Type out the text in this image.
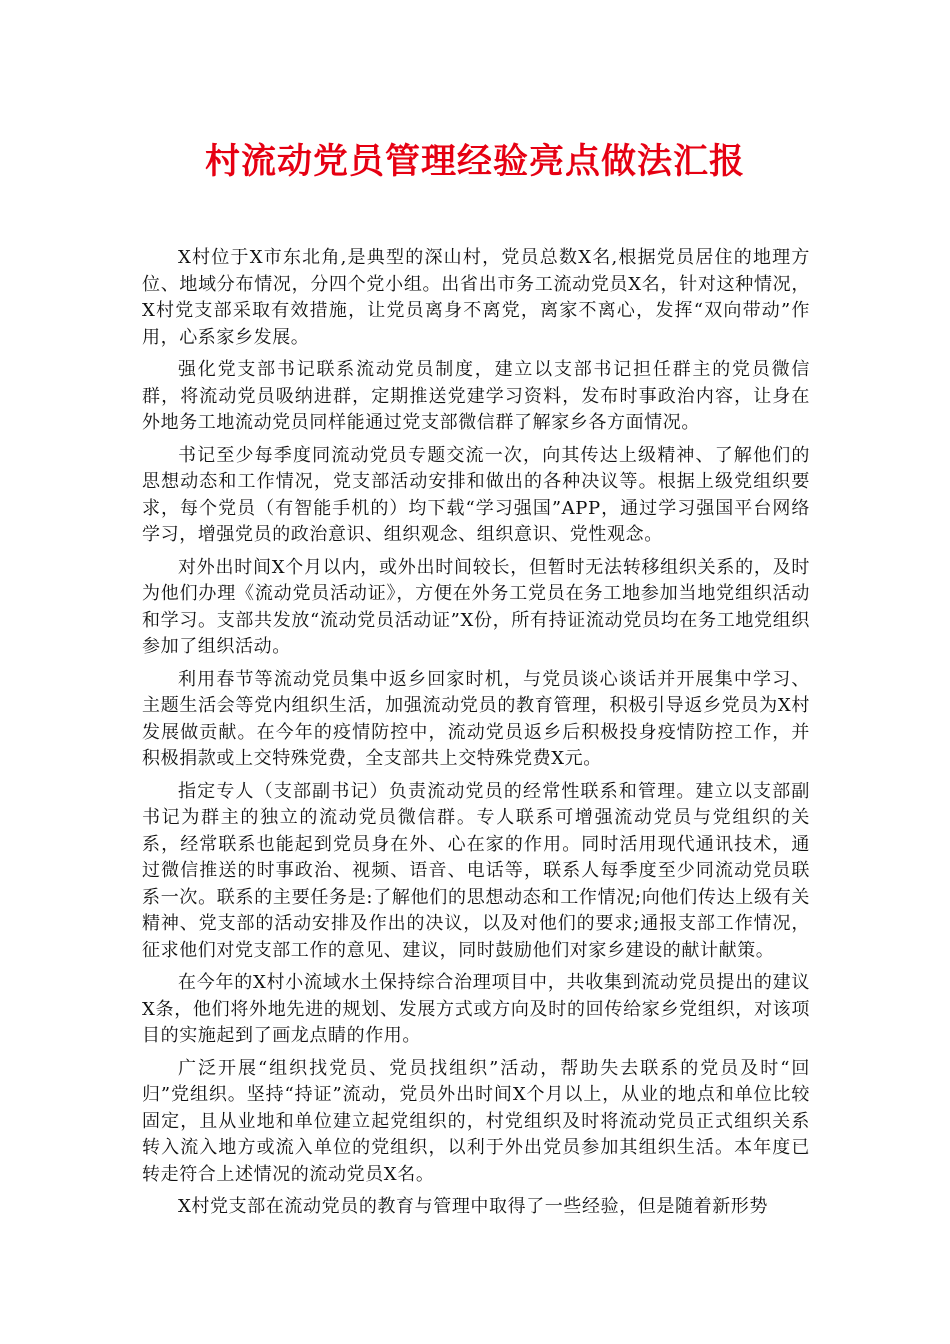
村流动党员管理经验亮点做法汇报

X村位于X市东北角,是典型的深山村，党员总数X名,根据党员居住的地理方位、地域分布情况，分四个党小组。出省出市务工流动党员X名，针对这种情况，X村党支部采取有效措施，让党员离身不离党，离家不离心，发挥“双向带动”作用，心系家乡发展。

强化党支部书记联系流动党员制度，建立以支部书记担任群主的党员微信群，将流动党员吸纳进群，定期推送党建学习资料，发布时事政治内容，让身在外地务工地流动党员同样能通过党支部微信群了解家乡各方面情况。

书记至少每季度同流动党员专题交流一次，向其传达上级精神、了解他们的思想动态和工作情况，党支部活动安排和做出的各种决议等。根据上级党组织要求，每个党员（有智能手机的）均下载“学习强国”APP，通过学习强国平台网络学习，增强党员的政治意识、组织观念、组织意识、党性观念。

对外出时间X个月以内，或外出时间较长，但暂时无法转移组织关系的，及时为他们办理《流动党员活动证》，方便在外务工党员在务工地参加当地党组织活动和学习。支部共发放“流动党员活动证”X份，所有持证流动党员均在务工地党组织参加了组织活动。

利用春节等流动党员集中返乡回家时机，与党员谈心谈话并开展集中学习、主题生活会等党内组织生活，加强流动党员的教育管理，积极引导返乡党员为X村发展做贡献。在今年的疫情防控中，流动党员返乡后积极投身疫情防控工作，并积极捐款或上交特殊党费，全支部共上交特殊党费X元。

指定专人（支部副书记）负责流动党员的经常性联系和管理。建立以支部副书记为群主的独立的流动党员微信群。专人联系可增强流动党员与党组织的关系，经常联系也能起到党员身在外、心在家的作用。同时活用现代通讯技术，通过微信推送的时事政治、视频、语音、电话等，联系人每季度至少同流动党员联系一次。联系的主要任务是:了解他们的思想动态和工作情况;向他们传达上级有关精神、党支部的活动安排及作出的决议，以及对他们的要求;通报支部工作情况，征求他们对党支部工作的意见、建议，同时鼓励他们对家乡建设的献计献策。

在今年的X村小流域水土保持综合治理项目中，共收集到流动党员提出的建议X条，他们将外地先进的规划、发展方式或方向及时的回传给家乡党组织，对该项目的实施起到了画龙点睛的作用。

广泛开展“组织找党员、党员找组织”活动，帮助失去联系的党员及时“回归”党组织。坚持“持证”流动，党员外出时间X个月以上，从业的地点和单位比较固定，且从业地和单位建立起党组织的，村党组织及时将流动党员正式组织关系转入流入地方或流入单位的党组织，以利于外出党员参加其组织生活。本年度已转走符合上述情况的流动党员X名。

X村党支部在流动党员的教育与管理中取得了一些经验，但是随着新形势
